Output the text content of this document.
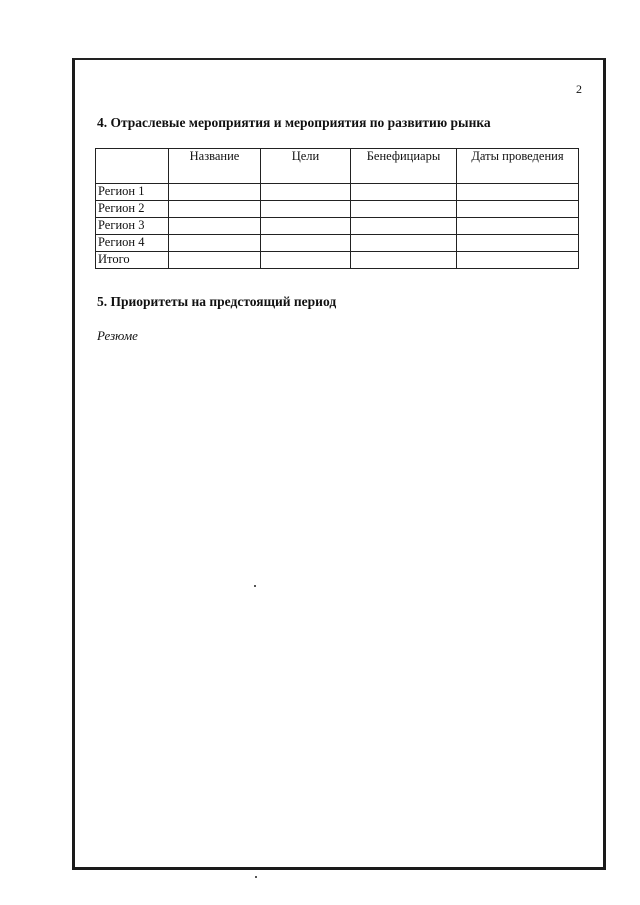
2
4. Отраслевые мероприятия и мероприятия по развитию рынка
	Название	Цели	Бенефициары	Даты проведения
Регион 1				
Регион 2				
Регион 3				
Регион 4				
Итого				
5. Приоритеты на предстоящий период
Резюме
